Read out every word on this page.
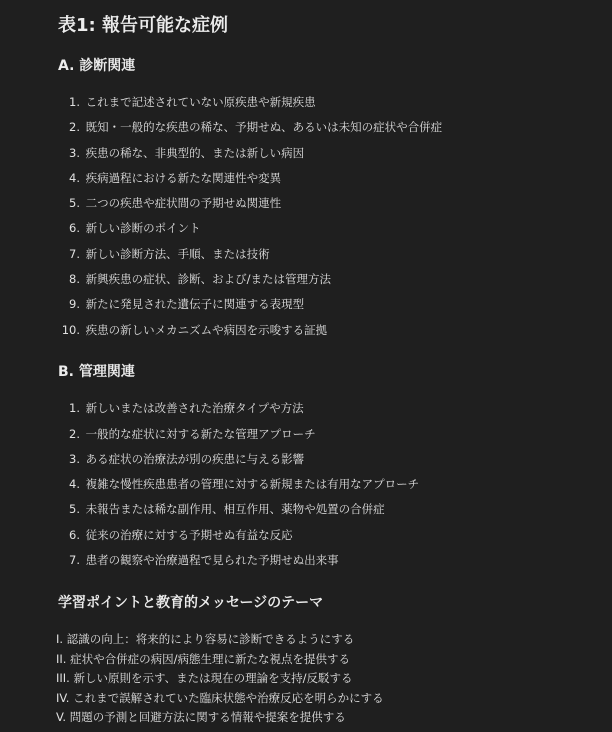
表1: 報告可能な症例
A. 診断関連
1. これまで記述されていない原疾患や新規疾患
2. 既知・一般的な疾患の稀な、予期せぬ、あるいは未知の症状や合併症
3. 疾患の稀な、非典型的、または新しい病因
4. 疾病過程における新たな関連性や変異
5. 二つの疾患や症状間の予期せぬ関連性
6. 新しい診断のポイント
7. 新しい診断方法、手順、または技術
8. 新興疾患の症状、診断、および/または管理方法
9. 新たに発見された遺伝子に関連する表現型
10. 疾患の新しいメカニズムや病因を示唆する証拠
B. 管理関連
1. 新しいまたは改善された治療タイプや方法
2. 一般的な症状に対する新たな管理アプローチ
3. ある症状の治療法が別の疾患に与える影響
4. 複雑な慢性疾患患者の管理に対する新規または有用なアプローチ
5. 未報告または稀な副作用、相互作用、薬物や処置の合併症
6. 従来の治療に対する予期せぬ有益な反応
7. 患者の観察や治療過程で見られた予期せぬ出来事
学習ポイントと教育的メッセージのテーマ
I. 認識の向上：将来的により容易に診断できるようにする
II. 症状や合併症の病因/病態生理に新たな視点を提供する
III. 新しい原則を示す、または現在の理論を支持/反駁する
IV. これまで誤解されていた臨床状態や治療反応を明らかにする
V. 問題の予測と回避方法に関する情報や提案を提供する
